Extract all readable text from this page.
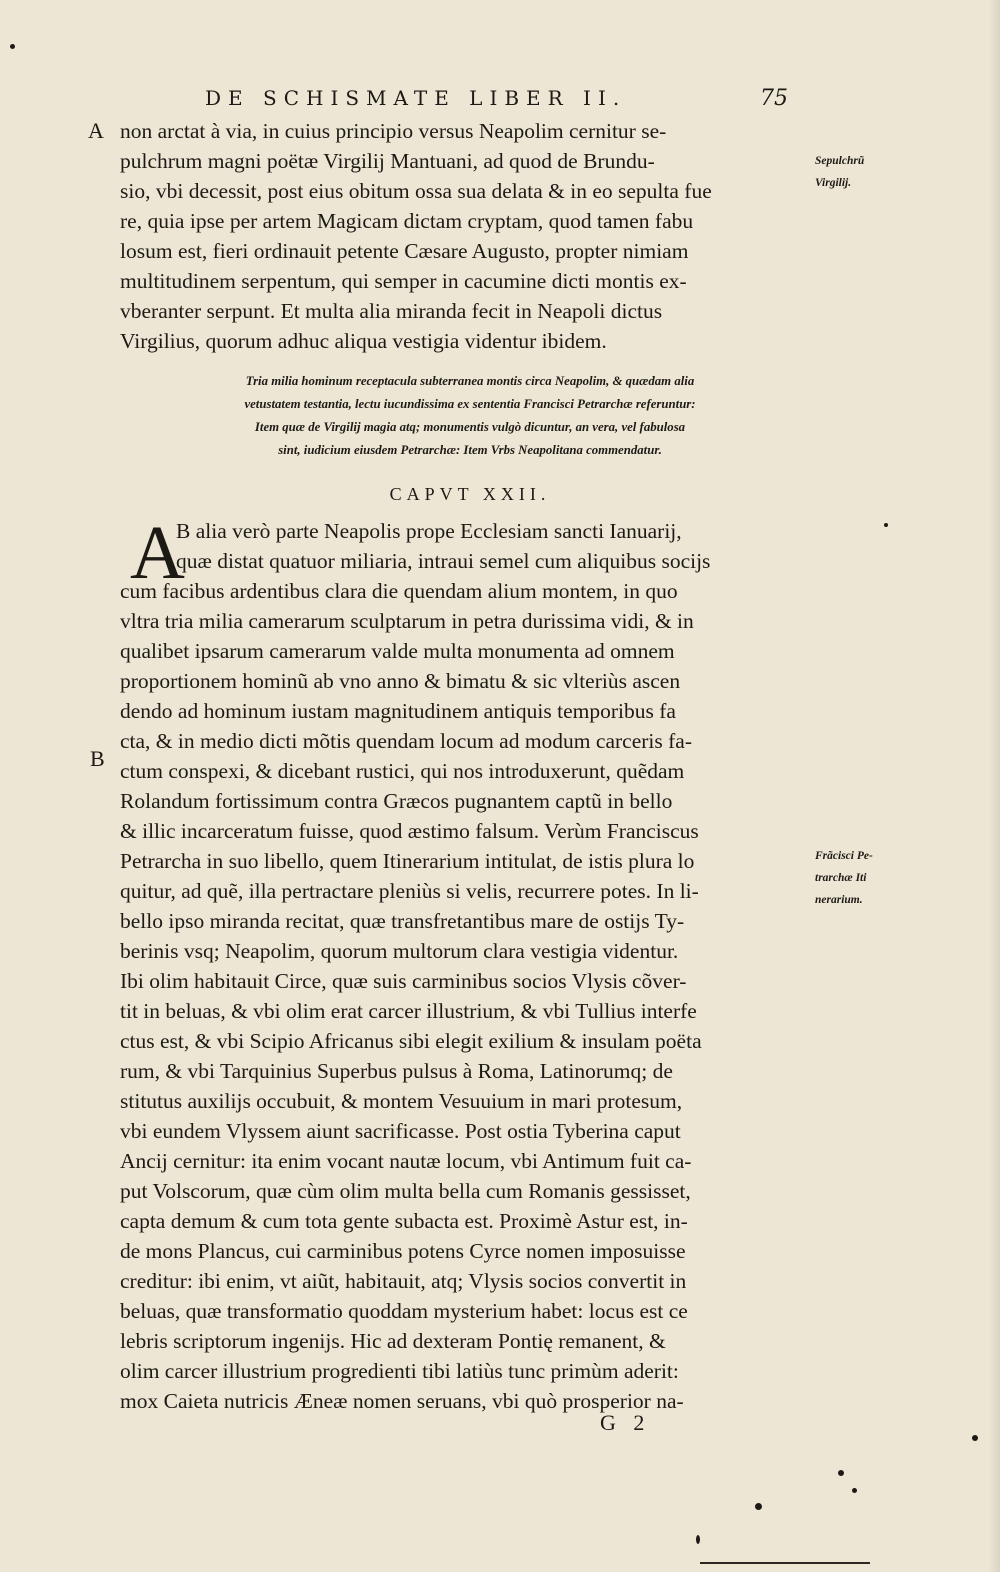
DE SCHISMATE LIBER II.	75
A non arctat à via, in cuius principio versus Neapolim cernitur se-
pulchrum magni poëtæ Virgilij Mantuani, ad quod de Brundu-
sio, vbi decessit, post eius obitum ossa sua delata & in eo sepulta fue
re, quia ipse per artem Magicam dictam cryptam, quod tamen fabu
losum est, fieri ordinauit petente Cæsare Augusto, propter nimiam
multitudinem serpentum, qui semper in cacumine dicti montis ex-
vberanter serpunt. Et multa alia miranda fecit in Neapoli dictus
Virgilius, quorum adhuc aliqua vestigia videntur ibidem.
Sepulchrũ
Virgilij.
Tria milia hominum receptacula subterranea montis circa Neapolim, & quædam alia
vetustatem testantia, lectu iucundissima ex sententia Francisci Petrarchæ referuntur:
Item quæ de Virgilij magia atq; monumentis vulgò dicuntur, an vera, vel fabulosa
sint, iudicium eiusdem Petrarchæ: Item Vrbs Neapolitana commendatur.
CAPVT XXII.
A
B alia verò parte Neapolis prope Ecclesiam sancti Ianuarij,
quæ distat quatuor miliaria, intraui semel cum aliquibus socijs
cum facibus ardentibus clara die quendam alium montem, in quo
vltra tria milia camerarum sculptarum in petra durissima vidi, & in
qualibet ipsarum camerarum valde multa monumenta ad omnem
proportionem hominũ ab vno anno & bimatu & sic vlteriùs ascen
dendo ad hominum iustam magnitudinem antiquis temporibus fa
cta, & in medio dicti mõtis quendam locum ad modum carceris fa-
B ctum conspexi, & dicebant rustici, qui nos introduxerunt, quẽdam
Rolandum fortissimum contra Græcos pugnantem captũ in bello
& illic incarceratum fuisse, quod æstimo falsum. Verùm Franciscus
Petrarcha in suo libello, quem Itinerarium intitulat, de istis plura lo
quitur, ad quẽ, illa pertractare pleniùs si velis, recurrere potes. In li-
bello ipso miranda recitat, quæ transfretantibus mare de ostijs Ty-
berinis vsq; Neapolim, quorum multorum clara vestigia videntur.
Ibi olim habitauit Circe, quæ suis carminibus socios Vlysis cõver-
tit in beluas, & vbi olim erat carcer illustrium, & vbi Tullius interfe
ctus est, & vbi Scipio Africanus sibi elegit exilium & insulam poëta
rum, & vbi Tarquinius Superbus pulsus à Roma, Latinorumq; de
stitutus auxilijs occubuit, & montem Vesuuium in mari protesum,
vbi eundem Vlyssem aiunt sacrificasse. Post ostia Tyberina caput
Ancij cernitur: ita enim vocant nautæ locum, vbi Antimum fuit ca-
put Volscorum, quæ cùm olim multa bella cum Romanis gessisset,
capta demum & cum tota gente subacta est. Proximè Astur est, in-
de mons Plancus, cui carminibus potens Cyrce nomen imposuisse
creditur: ibi enim, vt aiũt, habitauit, atq; Vlysis socios convertit in
beluas, quæ transformatio quoddam mysterium habet: locus est ce
lebris scriptorum ingenijs. Hic ad dexteram Pontię remanent, &
olim carcer illustrium progredienti tibi latiùs tunc primùm aderit:
mox Caieta nutricis Æneæ nomen seruans, vbi quò prosperior na-
Frãcisci Pe-
trarchæ Iti
nerarium.
G 2
